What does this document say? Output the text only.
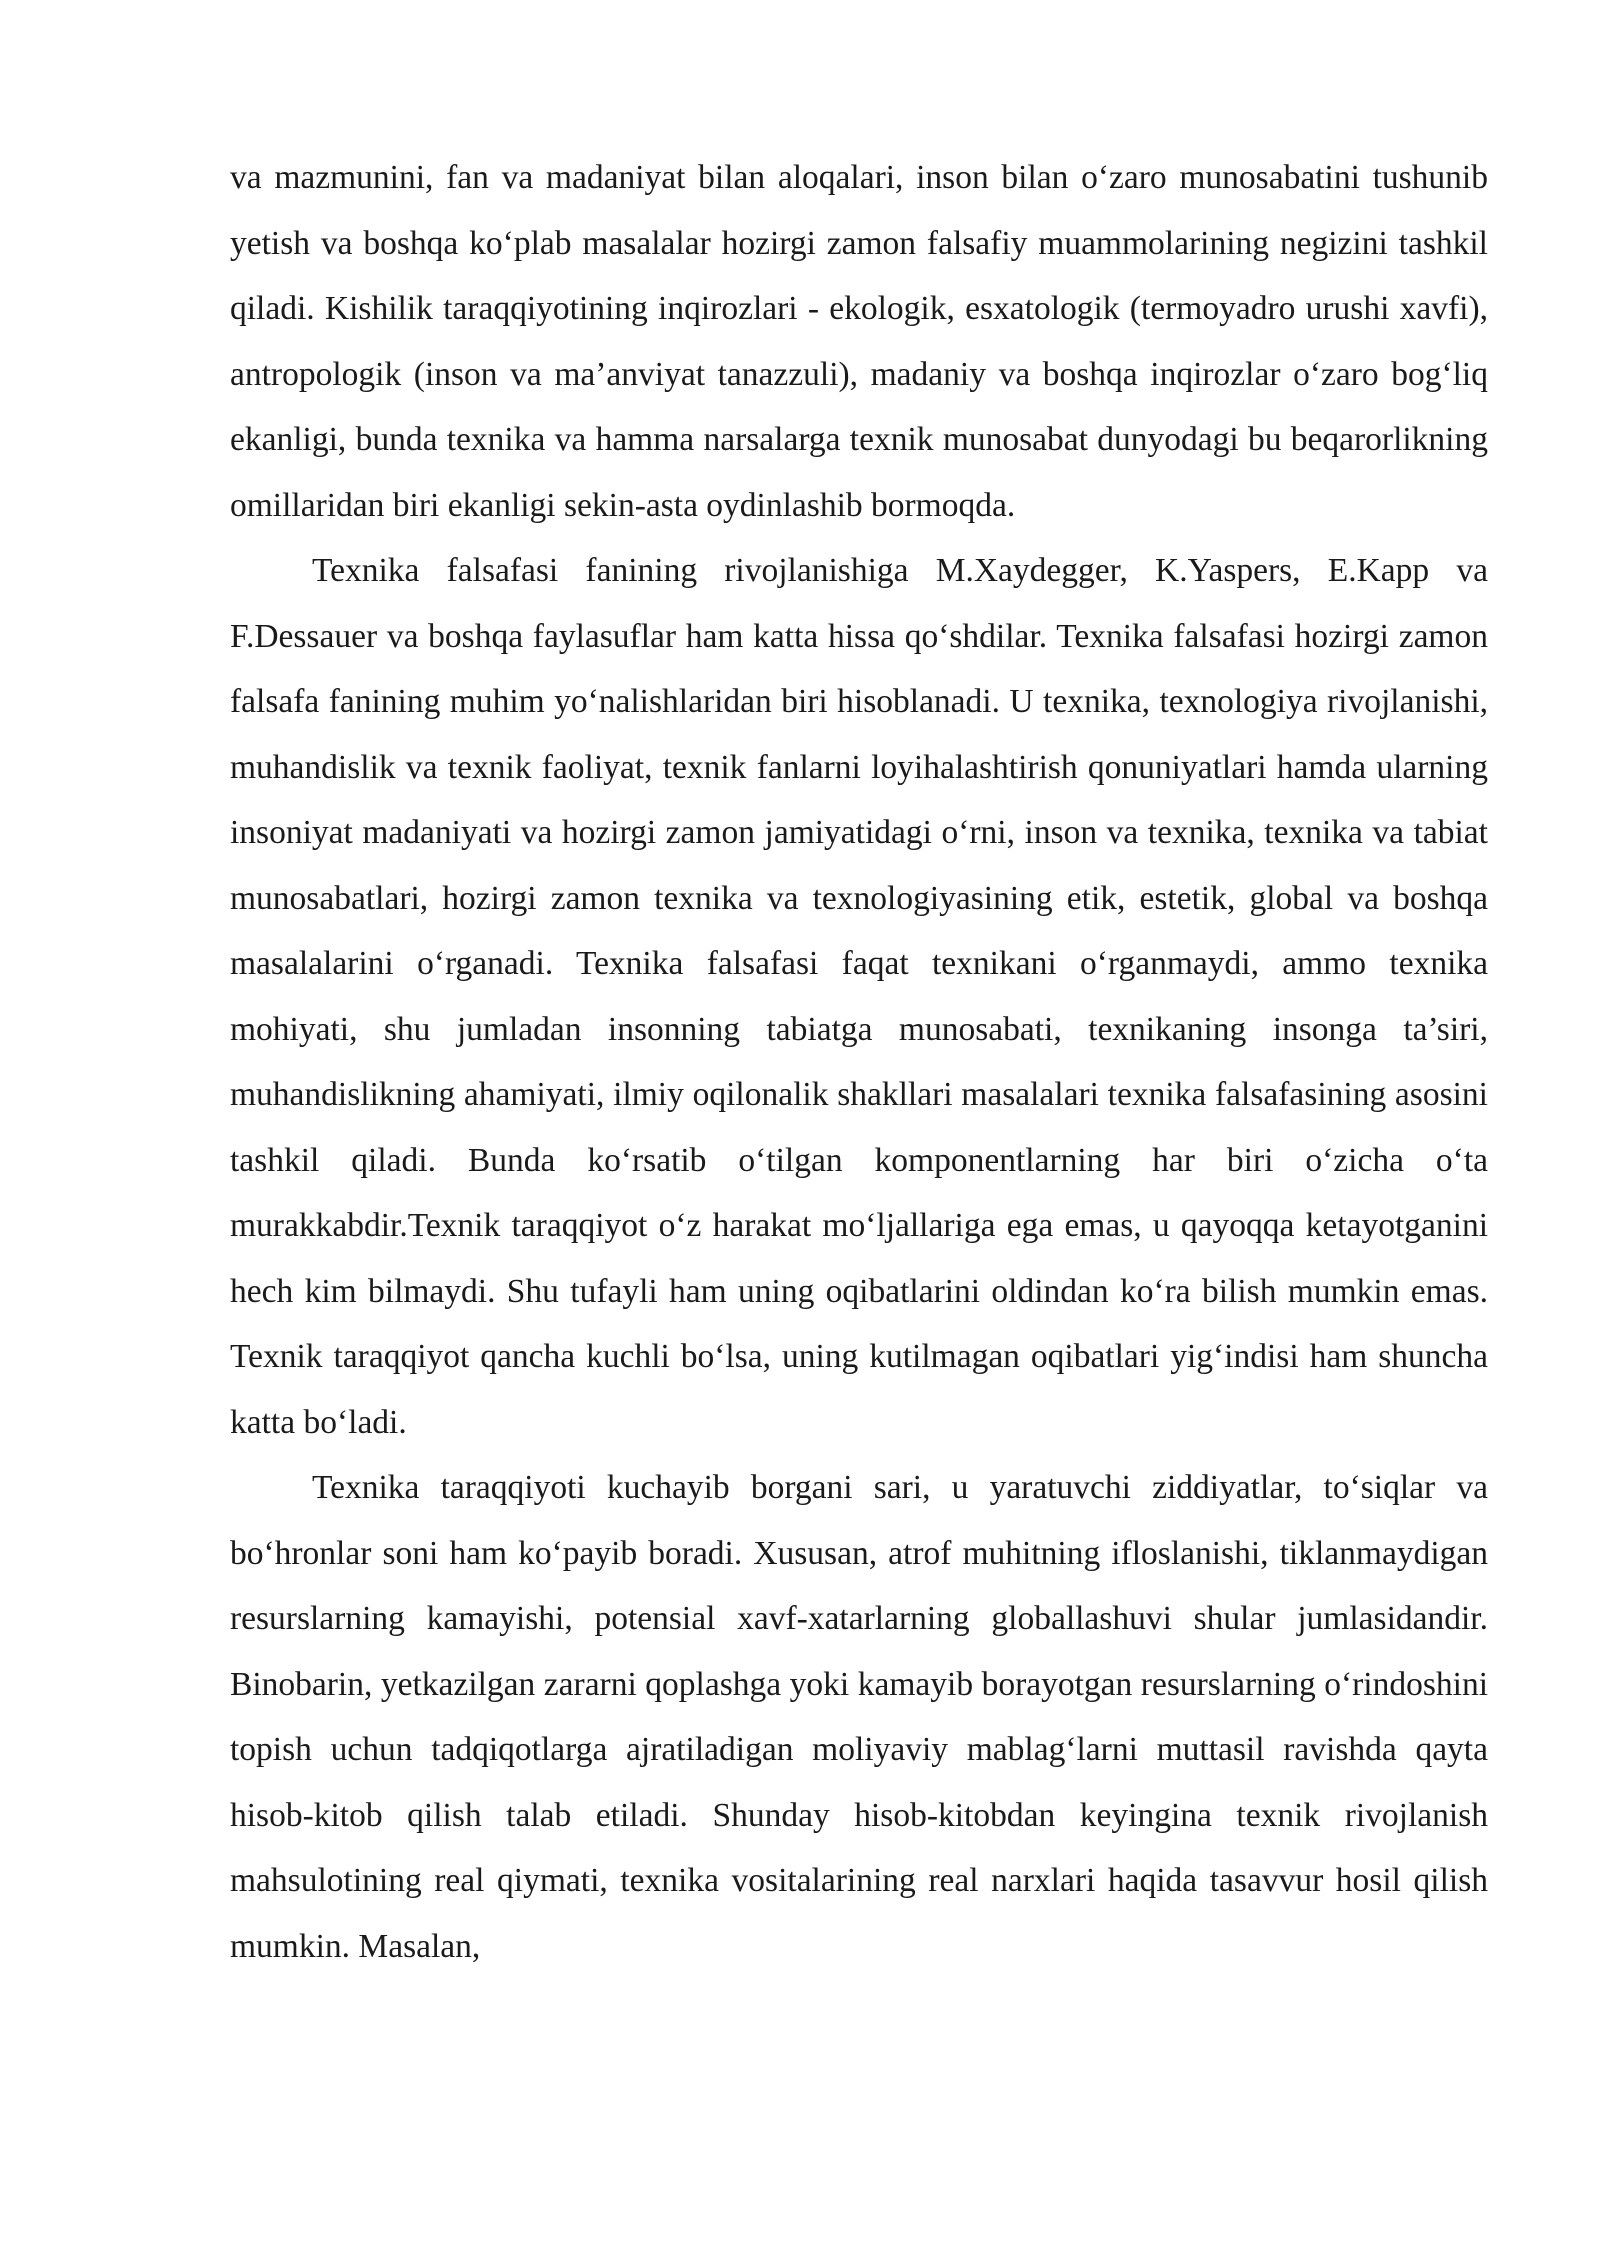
va mazmunini, fan va madaniyat bilan aloqalari, inson bilan o‘zaro munosabatini tushunib yetish va boshqa ko‘plab masalalar hozirgi zamon falsafiy muammolarining negizini tashkil qiladi. Kishilik taraqqiyotining inqirozlari - ekologik, esxatologik (termoyadro urushi xavfi), antropologik (inson va ma’anviyat tanazzuli), madaniy va boshqa inqirozlar o‘zaro bog‘liq ekanligi, bunda texnika va hamma narsalarga texnik munosabat dunyodagi bu beqarorlikning omillaridan biri ekanligi sekin-asta oydinlashib bormoqda.

Texnika falsafasi fanining rivojlanishiga M.Xaydegger, K.Yaspers, E.Kapp va F.Dessauer va boshqa faylasuflar ham katta hissa qo‘shdilar. Texnika falsafasi hozirgi zamon falsafa fanining muhim yo‘nalishlaridan biri hisoblanadi. U texnika, texnologiya rivojlanishi, muhandislik va texnik faoliyat, texnik fanlarni loyihalashtirish qonuniyatlari hamda ularning insoniyat madaniyati va hozirgi zamon jamiyatidagi o‘rni, inson va texnika, texnika va tabiat munosabatlari, hozirgi zamon texnika va texnologiyasining etik, estetik, global va boshqa masalalarini o‘rganadi. Texnika falsafasi faqat texnikani o‘rganmaydi, ammo texnika mohiyati, shu jumladan insonning tabiatga munosabati, texnikaning insonga ta’siri, muhandislikning ahamiyati, ilmiy oqilonalik shakllari masalalari texnika falsafasining asosini tashkil qiladi. Bunda ko‘rsatib o‘tilgan komponentlarning har biri o‘zicha o‘ta murakkabdir.Texnik taraqqiyot o‘z harakat mo‘ljallariga ega emas, u qayoqqa ketayotganini hech kim bilmaydi. Shu tufayli ham uning oqibatlarini oldindan ko‘ra bilish mumkin emas. Texnik taraqqiyot qancha kuchli bo‘lsa, uning kutilmagan oqibatlari yig‘indisi ham shuncha katta bo‘ladi.

Texnika taraqqiyoti kuchayib borgani sari, u yaratuvchi ziddiyatlar, to‘siqlar va bo‘hronlar soni ham ko‘payib boradi. Xususan, atrof muhitning ifloslanishi, tiklanmaydigan resurslarning kamayishi, potensial xavf-xatarlarning globallashuvi shular jumlasidandir. Binobarin, yetkazilgan zararni qoplashga yoki kamayib borayotgan resurslarning o‘rindoshini topish uchun tadqiqotlarga ajratiladigan moliyaviy mablag‘larni muttasil ravishda qayta hisob-kitob qilish talab etiladi. Shunday hisob-kitobdan keyingina texnik rivojlanish mahsulotining real qiymati, texnika vositalarining real narxlari haqida tasavvur hosil qilish mumkin. Masalan,
